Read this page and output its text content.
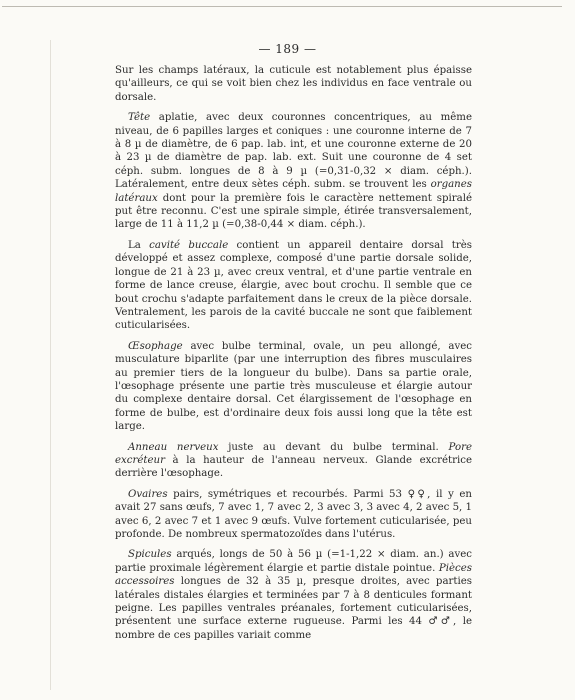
— 189 —

Sur les champs latéraux, la cuticule est notablement plus épaisse qu'ailleurs, ce qui se voit bien chez les individus en face ventrale ou dorsale.

Tête aplatie, avec deux couronnes concentriques, au même niveau, de 6 papilles larges et coniques : une couronne interne de 7 à 8 µ de diamètre, de 6 pap. lab. int, et une couronne externe de 20 à 23 µ de diamètre de pap. lab. ext. Suit une couronne de 4 set céph. subm. longues de 8 à 9 µ (=0,31-0,32 × diam. céph.). Latéralement, entre deux sètes céph. subm. se trouvent les organes latéraux dont pour la première fois le caractère nettement spiralé put être reconnu. C'est une spirale simple, étirée transversalement, large de 11 à 11,2 µ (=0,38-0,44 × diam. céph.).

La cavité buccale contient un appareil dentaire dorsal très développé et assez complexe, composé d'une partie dorsale solide, longue de 21 à 23 µ, avec creux ventral, et d'une partie ventrale en forme de lance creuse, élargie, avec bout crochu. Il semble que ce bout crochu s'adapte parfaitement dans le creux de la pièce dorsale. Ventralement, les parois de la cavité buccale ne sont que faiblement cuticularisées.

Œsophage avec bulbe terminal, ovale, un peu allongé, avec musculature biparlite (par une interruption des fibres musculaires au premier tiers de la longueur du bulbe). Dans sa partie orale, l'œsophage présente une partie très musculeuse et élargie autour du complexe dentaire dorsal. Cet élargissement de l'œsophage en forme de bulbe, est d'ordinaire deux fois aussi long que la tête est large.

Anneau nerveux juste au devant du bulbe terminal. Pore excréteur à la hauteur de l'anneau nerveux. Glande excrétrice derrière l'œsophage.

Ovaires pairs, symétriques et recourbés. Parmi 53 ♀♀, il y en avait 27 sans œufs, 7 avec 1, 7 avec 2, 3 avec 3, 3 avec 4, 2 avec 5, 1 avec 6, 2 avec 7 et 1 avec 9 œufs. Vulve fortement cuticularisée, peu profonde. De nombreux spermatozoïdes dans l'utérus.

Spicules arqués, longs de 50 à 56 µ (=1-1,22 × diam. an.) avec partie proximale légèrement élargie et partie distale pointue. Pièces accessoires longues de 32 à 35 µ, presque droites, avec parties latérales distales élargies et terminées par 7 à 8 denticules formant peigne. Les papilles ventrales préanales, fortement cuticularisées, présentent une surface externe rugueuse. Parmi les 44 ♂♂, le nombre de ces papilles variait comme
